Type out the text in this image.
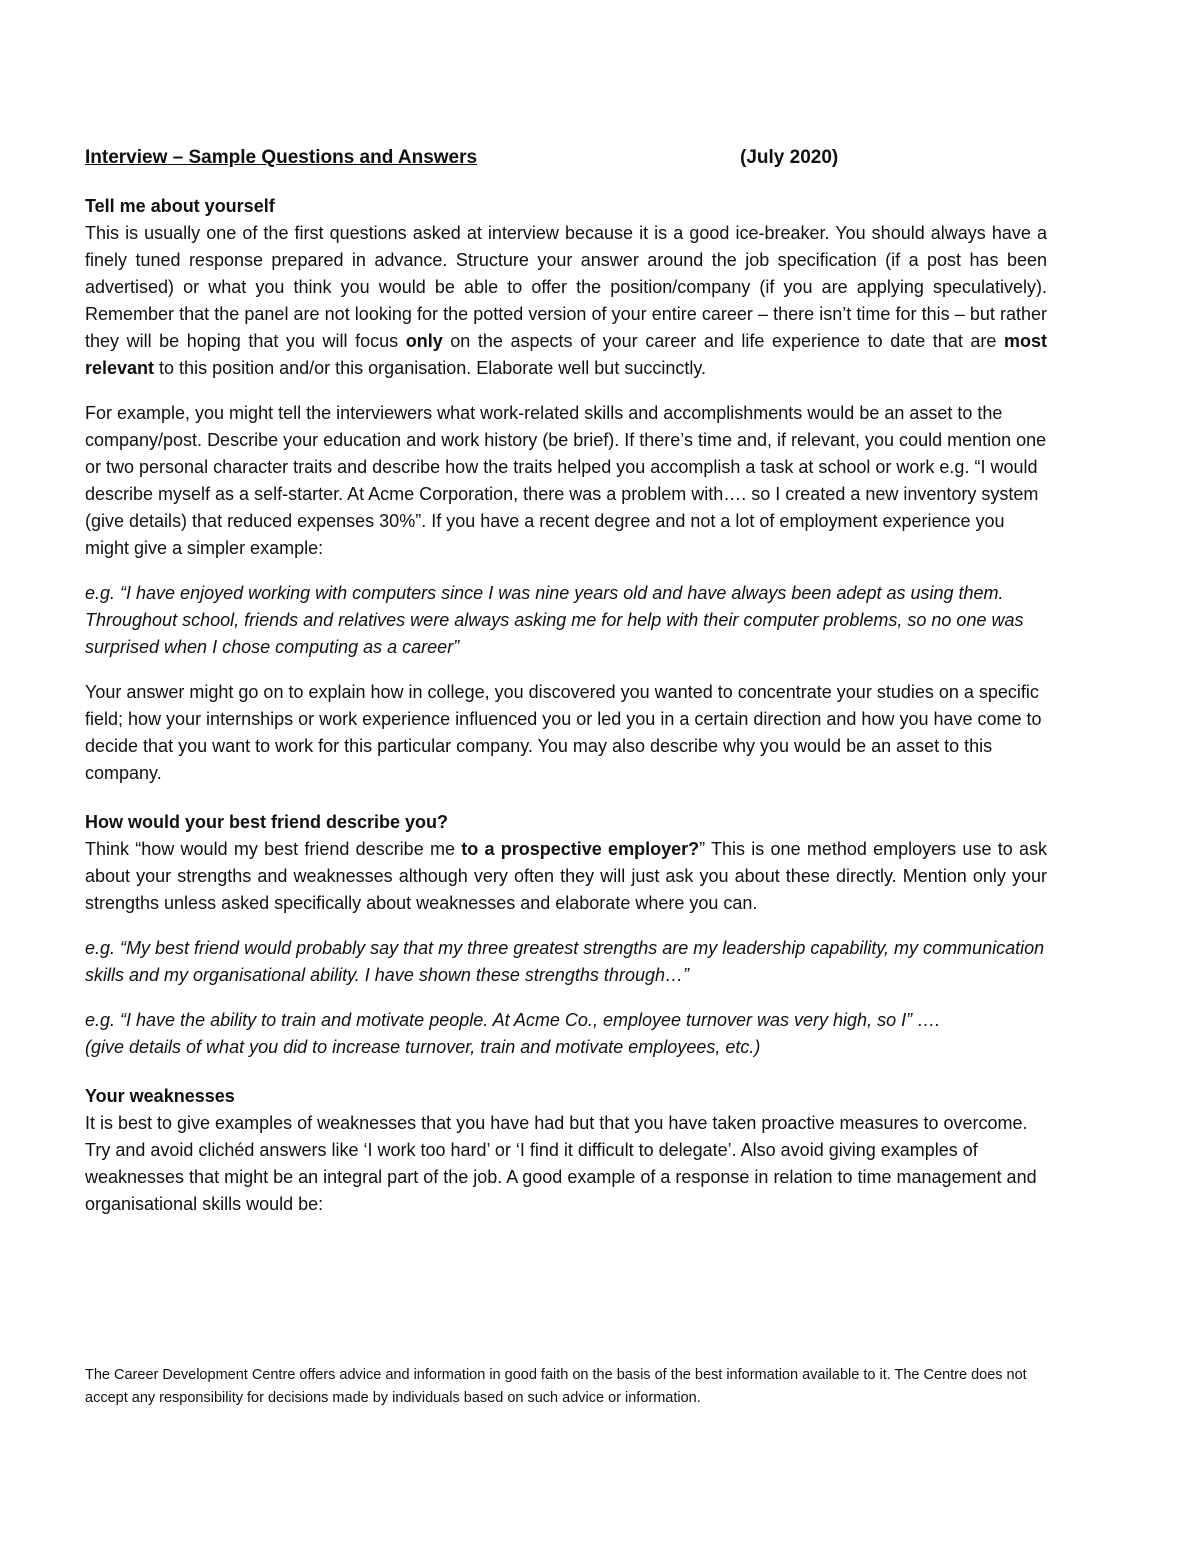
Interview – Sample Questions and Answers	(July 2020)
Tell me about yourself

This is usually one of the first questions asked at interview because it is a good ice-breaker. You should always have a finely tuned response prepared in advance. Structure your answer around the job specification (if a post has been advertised) or what you think you would be able to offer the position/company (if you are applying speculatively). Remember that the panel are not looking for the potted version of your entire career – there isn’t time for this – but rather they will be hoping that you will focus only on the aspects of your career and life experience to date that are most relevant to this position and/or this organisation. Elaborate well but succinctly.

For example, you might tell the interviewers what work-related skills and accomplishments would be an asset to the company/post. Describe your education and work history (be brief). If there’s time and, if relevant, you could mention one or two personal character traits and describe how the traits helped you accomplish a task at school or work e.g. “I would describe myself as a self-starter. At Acme Corporation, there was a problem with…. so I created a new inventory system (give details) that reduced expenses 30%”. If you have a recent degree and not a lot of employment experience you might give a simpler example:

e.g. “I have enjoyed working with computers since I was nine years old and have always been adept as using them. Throughout school, friends and relatives were always asking me for help with their computer problems, so no one was surprised when I chose computing as a career”

Your answer might go on to explain how in college, you discovered you wanted to concentrate your studies on a specific field; how your internships or work experience influenced you or led you in a certain direction and how you have come to decide that you want to work for this particular company. You may also describe why you would be an asset to this company.

How would your best friend describe you?

Think “how would my best friend describe me to a prospective employer?” This is one method employers use to ask about your strengths and weaknesses although very often they will just ask you about these directly. Mention only your strengths unless asked specifically about weaknesses and elaborate where you can.

e.g. “My best friend would probably say that my three greatest strengths are my leadership capability, my communication skills and my organisational ability. I have shown these strengths through…”

e.g. “I have the ability to train and motivate people. At Acme Co., employee turnover was very high, so I” ….
(give details of what you did to increase turnover, train and motivate employees, etc.)

Your weaknesses

It is best to give examples of weaknesses that you have had but that you have taken proactive measures to overcome. Try and avoid clichéd answers like ‘I work too hard’ or ‘I find it difficult to delegate’. Also avoid giving examples of weaknesses that might be an integral part of the job. A good example of a response in relation to time management and organisational skills would be:

The Career Development Centre offers advice and information in good faith on the basis of the best information available to it. The Centre does not accept any responsibility for decisions made by individuals based on such advice or information.
